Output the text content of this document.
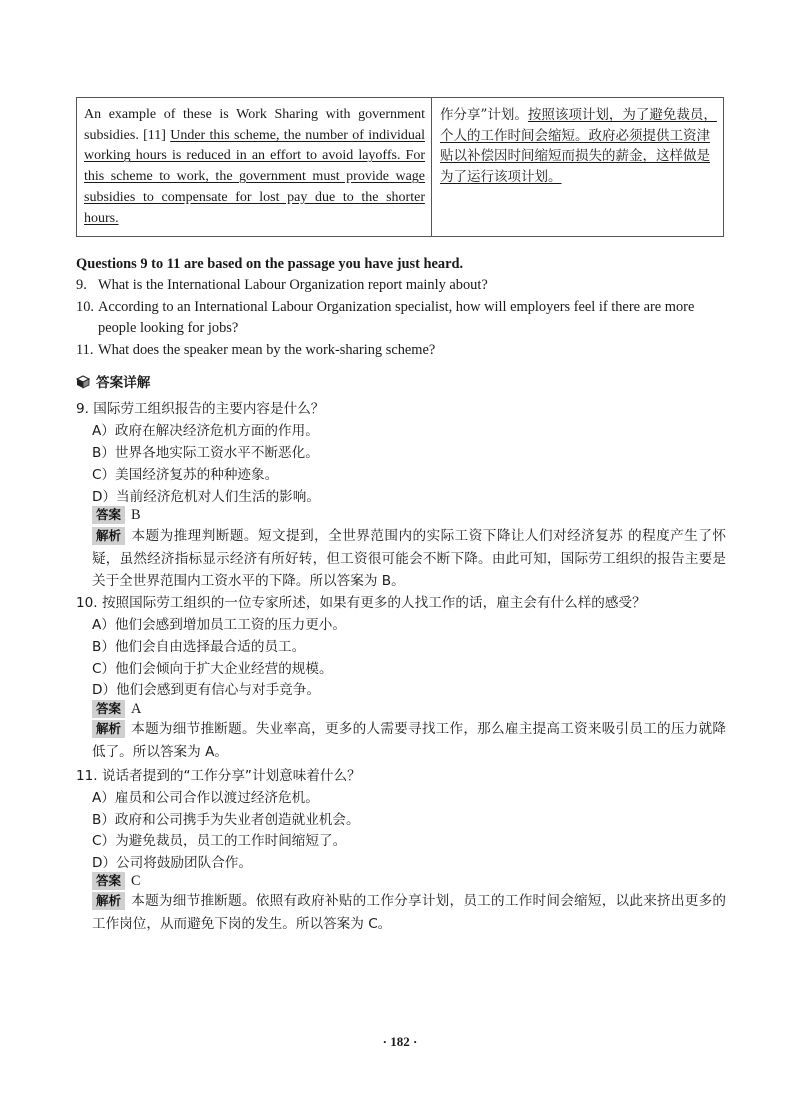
An example of these is Work Sharing with government subsidies. [11] Under this scheme, the number of individual working hours is reduced in an effort to avoid layoffs. For this scheme to work, the government must provide wage subsidies to compensate for lost pay due to the shorter hours.
作分享”计划。按照该项计划，为了避免裁员，个人的工作时间会缩短。政府必须提供工资津贴以补偿因时间缩短而损失的薪金，这样做是为了运行该项计划。
Questions 9 to 11 are based on the passage you have just heard.
9. What is the International Labour Organization report mainly about?
10. According to an International Labour Organization specialist, how will employers feel if there are more
people looking for jobs?
11. What does the speaker mean by the work-sharing scheme?
答案详解
9. 国际劳工组织报告的主要内容是什么？
A）政府在解决经济危机方面的作用。
B）世界各地实际工资水平不断恶化。
C）美国经济复苏的种种迹象。
D）当前经济危机对人们生活的影响。
答案 B
解析 本题为推理判断题。短文提到，全世界范围内的实际工资下降让人们对经济复苏 的程度产生了怀疑，虽然经济指标显示经济有所好转，但工资很可能会不断下降。由此可知，国际劳工组织的报告主要是关于全世界范围内工资水平的下降。所以答案为 B。
10. 按照国际劳工组织的一位专家所述，如果有更多的人找工作的话，雇主会有什么样的感受？
A）他们会感到增加员工工资的压力更小。
B）他们会自由选择最合适的员工。
C）他们会倾向于扩大企业经营的规模。
D）他们会感到更有信心与对手竞争。
答案 A
解析 本题为细节推断题。失业率高，更多的人需要寻找工作，那么雇主提高工资来吸引员工的压力就降低了。所以答案为 A。
11. 说话者提到的“工作分享”计划意味着什么？
A）雇员和公司合作以渡过经济危机。
B）政府和公司携手为失业者创造就业机会。
C）为避免裁员，员工的工作时间缩短了。
D）公司将鼓励团队合作。
答案 C
解析 本题为细节推断题。依照有政府补贴的工作分享计划，员工的工作时间会缩短，以此来挤出更多的工作岗位，从而避免下岗的发生。所以答案为 C。
· 182 ·
